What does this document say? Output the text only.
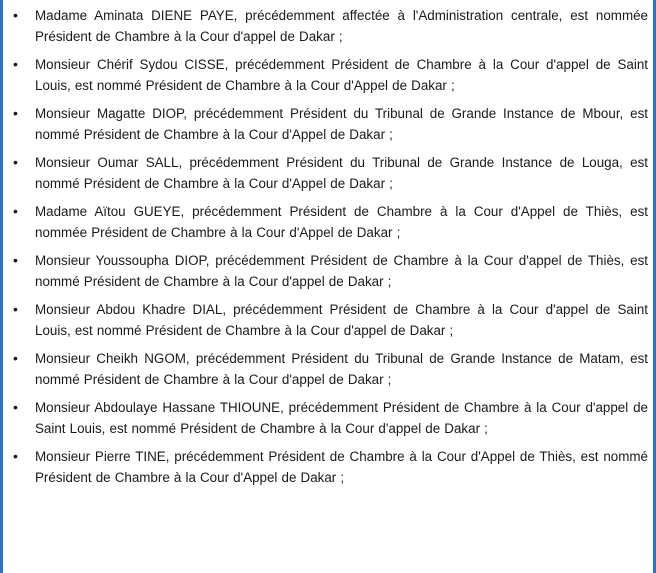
• Madame Aminata DIENE PAYE, précédemment affectée à l'Administration centrale, est nommée Président de Chambre à la Cour d'appel de Dakar ;
• Monsieur Chérif Sydou CISSE, précédemment Président de Chambre à la Cour d'appel de Saint Louis, est nommé Président de Chambre à la Cour d'Appel de Dakar ;
• Monsieur Magatte DIOP, précédemment Président du Tribunal de Grande Instance de Mbour, est nommé Président de Chambre à la Cour d'Appel de Dakar ;
• Monsieur Oumar SALL, précédemment Président du Tribunal de Grande Instance de Louga, est nommé Président de Chambre à la Cour d'Appel de Dakar ;
• Madame Aïtou GUEYE, précédemment Président de Chambre à la Cour d'Appel de Thiès, est nommée Président de Chambre à la Cour d'Appel de Dakar ;
• Monsieur Youssoupha DIOP, précédemment Président de Chambre à la Cour d'appel de Thiès, est nommé Président de Chambre à la Cour d'appel de Dakar ;
• Monsieur Abdou Khadre DIAL, précédemment Président de Chambre à la Cour d'appel de Saint Louis, est nommé Président de Chambre à la Cour d'appel de Dakar ;
• Monsieur Cheikh NGOM, précédemment Président du Tribunal de Grande Instance de Matam, est nommé Président de Chambre à la Cour d'appel de Dakar ;
• Monsieur Abdoulaye Hassane THIOUNE, précédemment Président de Chambre à la Cour d'appel de Saint Louis, est nommé Président de Chambre à la Cour d'appel de Dakar ;
• Monsieur Pierre TINE, précédemment Président de Chambre à la Cour d'Appel de Thiès, est nommé Président de Chambre à la Cour d'Appel de Dakar ;
